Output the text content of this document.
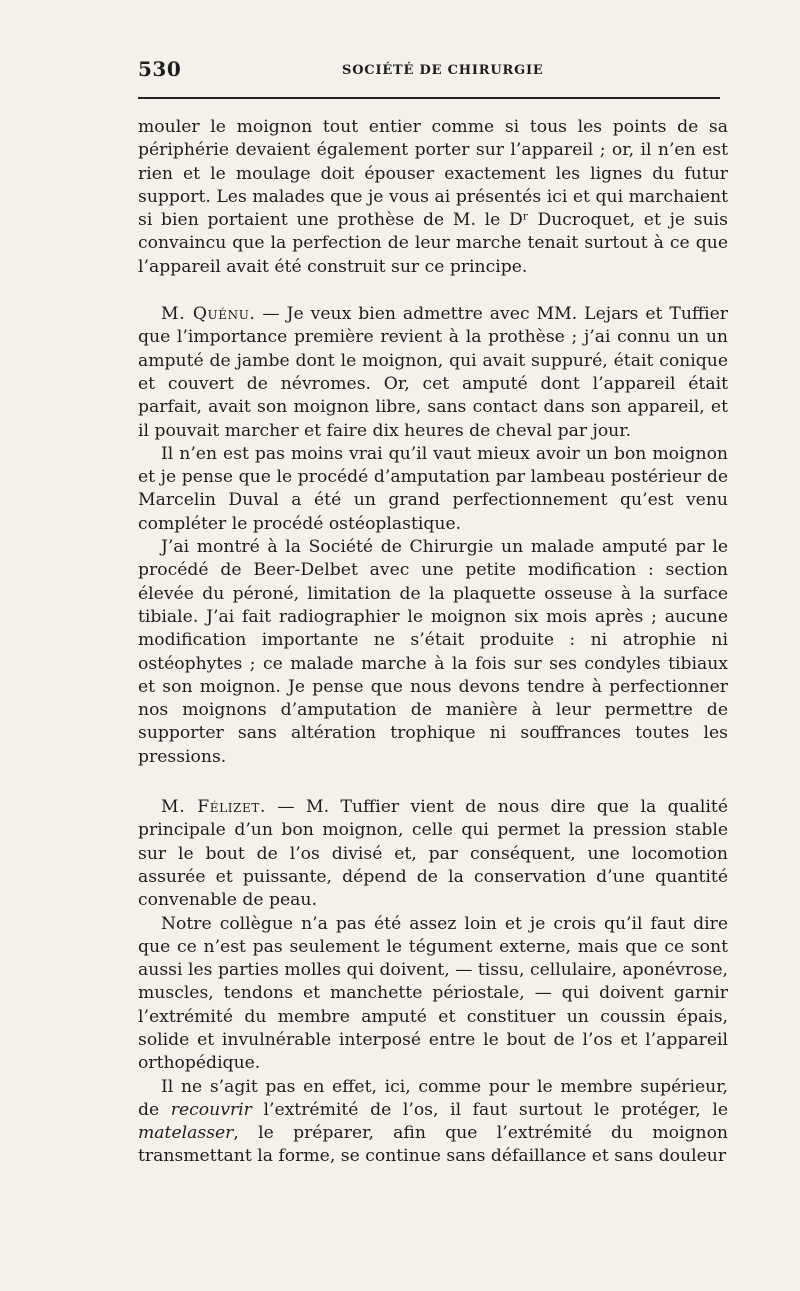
530	SOCIÉTÉ DE CHIRURGIE

mouler le moignon tout entier comme si tous les points de sa périphérie devaient également porter sur l’appareil ; or, il n’en est rien et le moulage doit épouser exactement les lignes du futur support. Les malades que je vous ai présentés ici et qui marchaient si bien portaient une prothèse de M. le Dʳ Ducroquet, et je suis convaincu que la perfection de leur marche tenait surtout à ce que l’appareil avait été construit sur ce principe.

M. Quénu. — Je veux bien admettre avec MM. Lejars et Tuffier que l’importance première revient à la prothèse ; j’ai connu un un amputé de jambe dont le moignon, qui avait suppuré, était conique et couvert de névromes. Or, cet amputé dont l’appareil était parfait, avait son moignon libre, sans contact dans son appareil, et il pouvait marcher et faire dix heures de cheval par jour.

Il n’en est pas moins vrai qu’il vaut mieux avoir un bon moignon et je pense que le procédé d’amputation par lambeau postérieur de Marcelin Duval a été un grand perfectionnement qu’est venu compléter le procédé ostéoplastique.

J’ai montré à la Société de Chirurgie un malade amputé par le procédé de Beer-Delbet avec une petite modification : section élevée du péroné, limitation de la plaquette osseuse à la surface tibiale. J’ai fait radiographier le moignon six mois après ; aucune modification importante ne s’était produite : ni atrophie ni ostéophytes ; ce malade marche à la fois sur ses condyles tibiaux et son moignon. Je pense que nous devons tendre à perfectionner nos moignons d’amputation de manière à leur permettre de supporter sans altération trophique ni souffrances toutes les pressions.

M. Félizet. — M. Tuffier vient de nous dire que la qualité principale d’un bon moignon, celle qui permet la pression stable sur le bout de l’os divisé et, par conséquent, une locomotion assurée et puissante, dépend de la conservation d’une quantité convenable de peau.

Notre collègue n’a pas été assez loin et je crois qu’il faut dire que ce n’est pas seulement le tégument externe, mais que ce sont aussi les parties molles qui doivent, — tissu, cellulaire, aponévrose, muscles, tendons et manchette périostale, — qui doivent garnir l’extrémité du membre amputé et constituer un coussin épais, solide et invulnérable interposé entre le bout de l’os et l’appareil orthopédique.

Il ne s’agit pas en effet, ici, comme pour le membre supérieur, de recouvrir l’extrémité de l’os, il faut surtout le protéger, le matelasser, le préparer, afin que l’extrémité du moignon transmettant la forme, se continue sans défaillance et sans douleur
